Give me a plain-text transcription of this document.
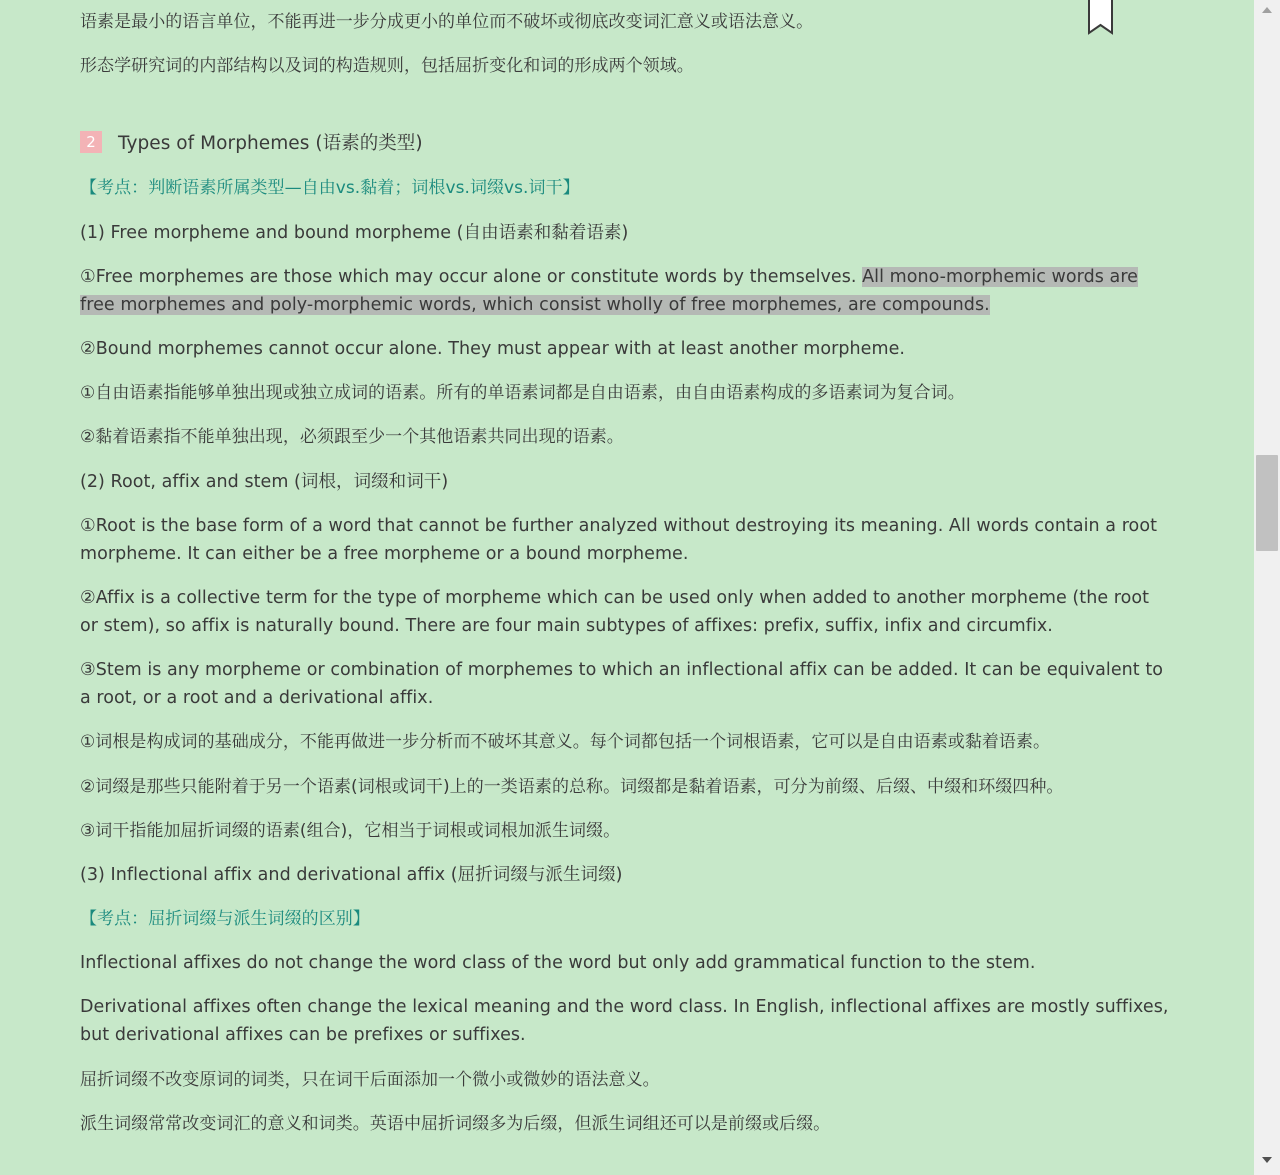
语素是最小的语言单位，不能再进一步分成更小的单位而不破坏或彻底改变词汇意义或语法意义。

形态学研究词的内部结构以及词的构造规则，包括屈折变化和词的形成两个领域。

2 Types of Morphemes (语素的类型)

【考点：判断语素所属类型—自由vs.黏着；词根vs.词缀vs.词干】

(1) Free morpheme and bound morpheme (自由语素和黏着语素)

①Free morphemes are those which may occur alone or constitute words by themselves. All mono-morphemic words are free morphemes and poly-morphemic words, which consist wholly of free morphemes, are compounds.

②Bound morphemes cannot occur alone. They must appear with at least another morpheme.

①自由语素指能够单独出现或独立成词的语素。所有的单语素词都是自由语素，由自由语素构成的多语素词为复合词。

②黏着语素指不能单独出现，必须跟至少一个其他语素共同出现的语素。

(2) Root, affix and stem (词根，词缀和词干)

①Root is the base form of a word that cannot be further analyzed without destroying its meaning. All words contain a root morpheme. It can either be a free morpheme or a bound morpheme.

②Affix is a collective term for the type of morpheme which can be used only when added to another morpheme (the root or stem), so affix is naturally bound. There are four main subtypes of affixes: prefix, suffix, infix and circumfix.

③Stem is any morpheme or combination of morphemes to which an inflectional affix can be added. It can be equivalent to a root, or a root and a derivational affix.

①词根是构成词的基础成分，不能再做进一步分析而不破坏其意义。每个词都包括一个词根语素，它可以是自由语素或黏着语素。

②词缀是那些只能附着于另一个语素(词根或词干)上的一类语素的总称。词缀都是黏着语素，可分为前缀、后缀、中缀和环缀四种。

③词干指能加屈折词缀的语素(组合)，它相当于词根或词根加派生词缀。

(3) Inflectional affix and derivational affix (屈折词缀与派生词缀)

【考点：屈折词缀与派生词缀的区别】

Inflectional affixes do not change the word class of the word but only add grammatical function to the stem.

Derivational affixes often change the lexical meaning and the word class. In English, inflectional affixes are mostly suffixes, but derivational affixes can be prefixes or suffixes.

屈折词缀不改变原词的词类，只在词干后面添加一个微小或微妙的语法意义。

派生词缀常常改变词汇的意义和词类。英语中屈折词缀多为后缀，但派生词组还可以是前缀或后缀。
